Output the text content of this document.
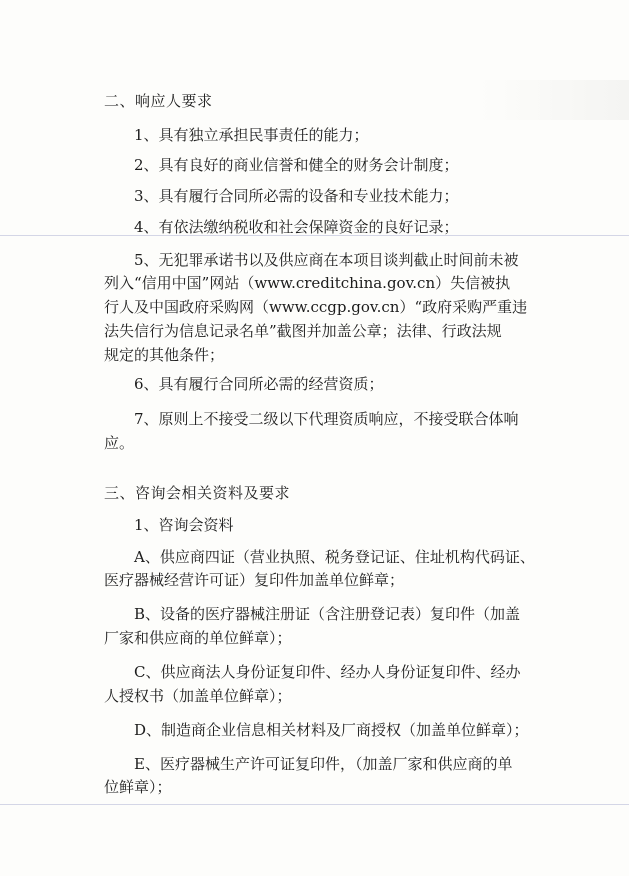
二、响应人要求
1、具有独立承担民事责任的能力；
2、具有良好的商业信誉和健全的财务会计制度；
3、具有履行合同所必需的设备和专业技术能力；
4、有依法缴纳税收和社会保障资金的良好记录；
5、无犯罪承诺书以及供应商在本项目谈判截止时间前未被
列入“信用中国”网站（www.creditchina.gov.cn）失信被执
行人及中国政府采购网（www.ccgp.gov.cn）“政府采购严重违
法失信行为信息记录名单”截图并加盖公章；法律、行政法规
规定的其他条件；
6、具有履行合同所必需的经营资质；
7、原则上不接受二级以下代理资质响应，不接受联合体响
应。
三、咨询会相关资料及要求
1、咨询会资料
A、供应商四证（营业执照、税务登记证、住址机构代码证、
医疗器械经营许可证）复印件加盖单位鲜章；
B、设备的医疗器械注册证（含注册登记表）复印件（加盖
厂家和供应商的单位鲜章）；
C、供应商法人身份证复印件、经办人身份证复印件、经办
人授权书（加盖单位鲜章）；
D、制造商企业信息相关材料及厂商授权（加盖单位鲜章）；
E、医疗器械生产许可证复印件，（加盖厂家和供应商的单
位鲜章）；
